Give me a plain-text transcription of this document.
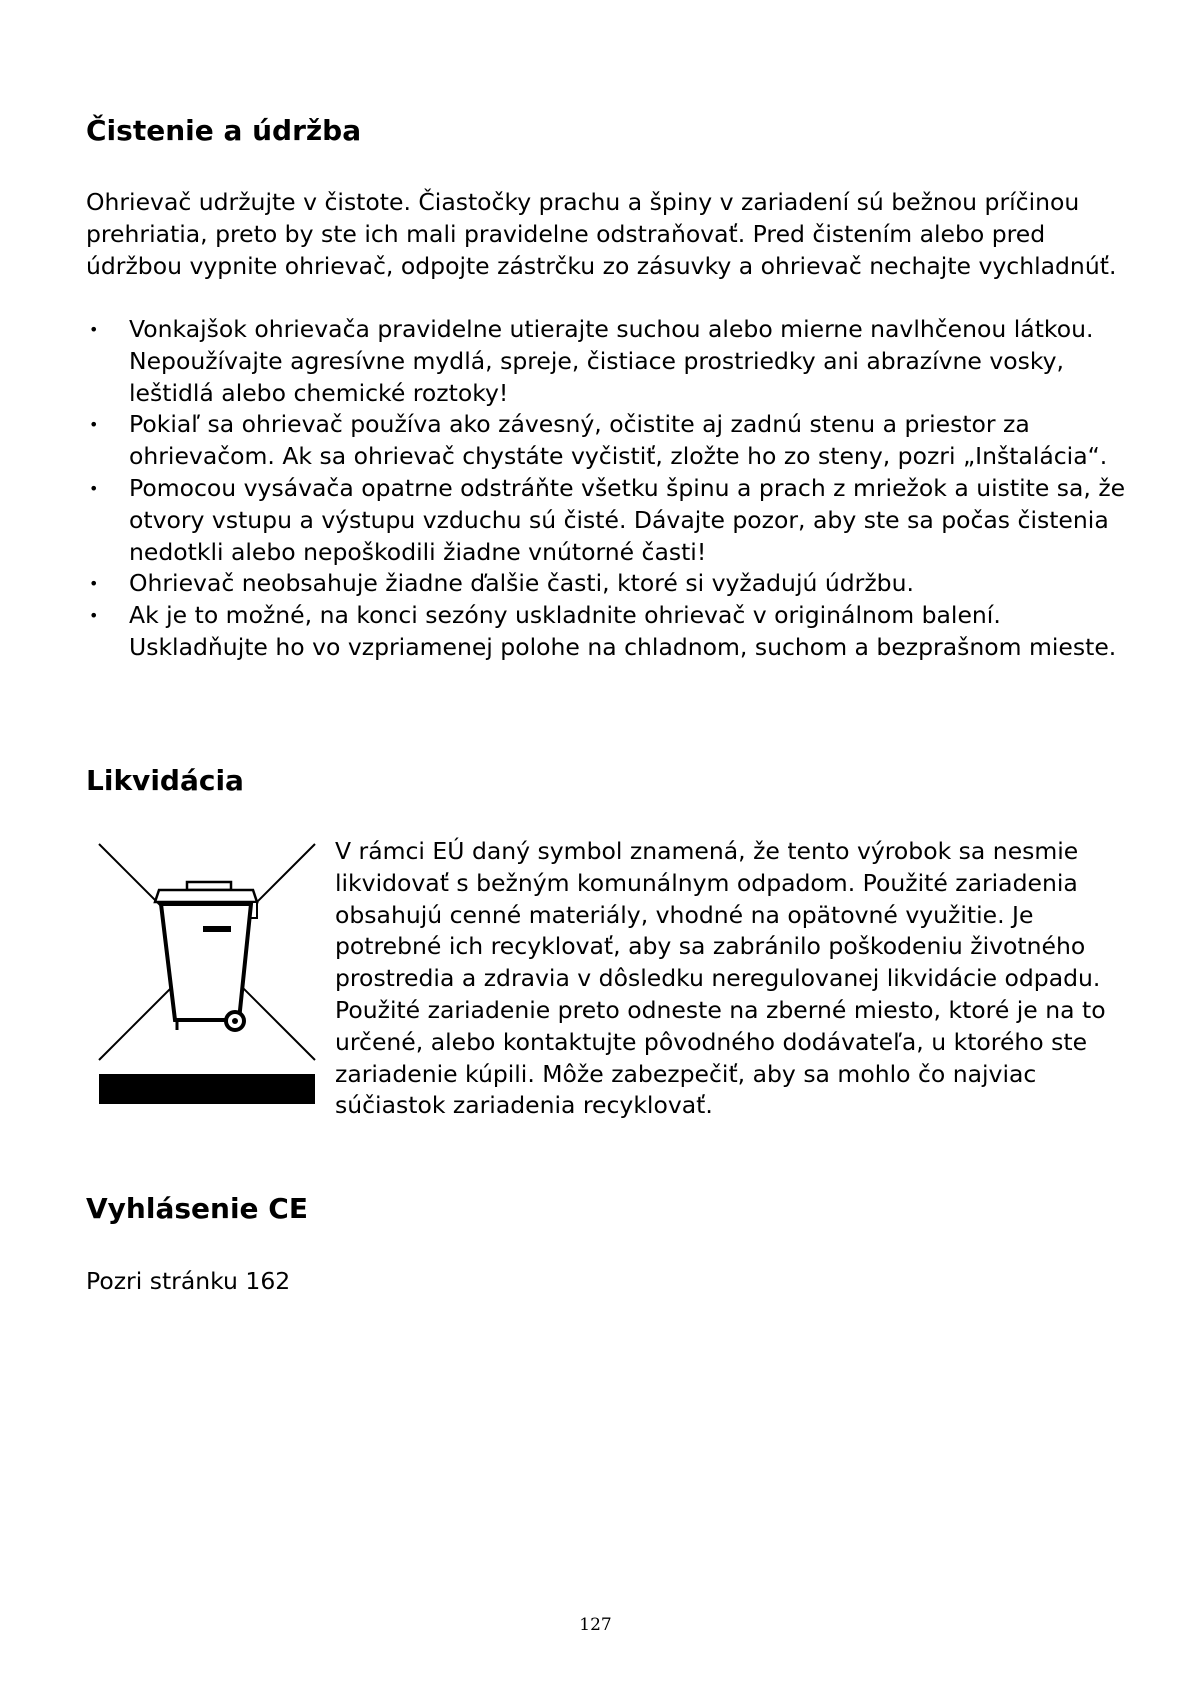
Čistenie a údržba

Ohrievač udržujte v čistote. Čiastočky prachu a špiny v zariadení sú bežnou príčinou prehriatia, preto by ste ich mali pravidelne odstraňovať. Pred čistením alebo pred údržbou vypnite ohrievač, odpojte zástrčku zo zásuvky a ohrievač nechajte vychladnúť.

• Vonkajšok ohrievača pravidelne utierajte suchou alebo mierne navlhčenou látkou. Nepoužívajte agresívne mydlá, spreje, čistiace prostriedky ani abrazívne vosky, leštidlá alebo chemické roztoky!
• Pokiaľ sa ohrievač používa ako závesný, očistite aj zadnú stenu a priestor za ohrievačom. Ak sa ohrievač chystáte vyčistiť, zložte ho zo steny, pozri „Inštalácia“.
• Pomocou vysávača opatrne odstráňte všetku špinu a prach z mriežok a uistite sa, že otvory vstupu a výstupu vzduchu sú čisté. Dávajte pozor, aby ste sa počas čistenia nedotkli alebo nepoškodili žiadne vnútorné časti!
• Ohrievač neobsahuje žiadne ďalšie časti, ktoré si vyžadujú údržbu.
• Ak je to možné, na konci sezóny uskladnite ohrievač v originálnom balení. Uskladňujte ho vo vzpriamenej polohe na chladnom, suchom a bezprašnom mieste.
Likvidácia

V rámci EÚ daný symbol znamená, že tento výrobok sa nesmie likvidovať s bežným komunálnym odpadom. Použité zariadenia obsahujú cenné materiály, vhodné na opätovné využitie. Je potrebné ich recyklovať, aby sa zabránilo poškodeniu životného prostredia a zdravia v dôsledku neregulovanej likvidácie odpadu. Použité zariadenie preto odneste na zberné miesto, ktoré je na to určené, alebo kontaktujte pôvodného dodávateľa, u ktorého ste zariadenie kúpili. Môže zabezpečiť, aby sa mohlo čo najviac súčiastok zariadenia recyklovať.

Vyhlásenie CE

Pozri stránku 162

127
